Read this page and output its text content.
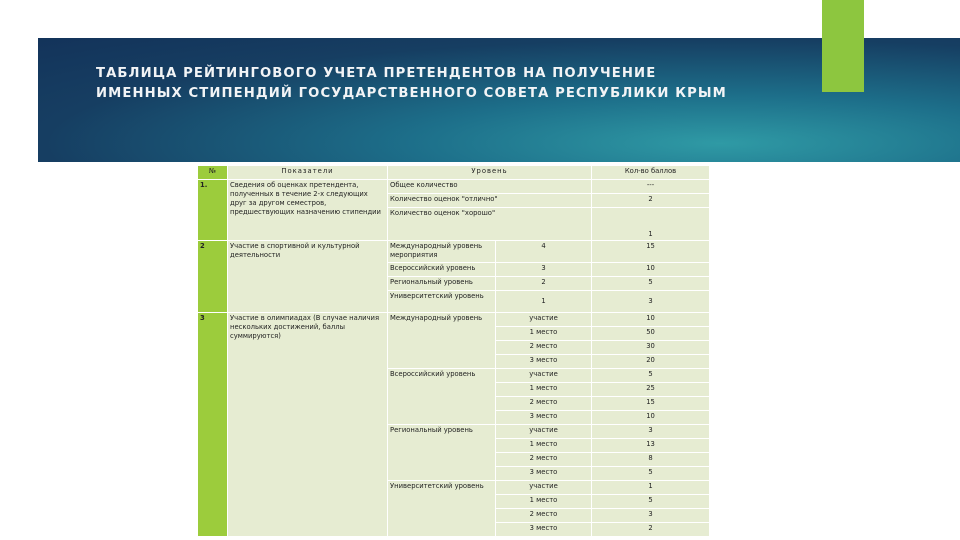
ТАБЛИЦА РЕЙТИНГОВОГО УЧЕТА ПРЕТЕНДЕНТОВ НА ПОЛУЧЕНИЕ ИМЕННЫХ СТИПЕНДИЙ ГОСУДАРСТВЕННОГО СОВЕТА РЕСПУБЛИКИ КРЫМ
№	Показатели	Уровень		Кол-во баллов
1.	Сведения об оценках претендента, полученных в течение 2-х следующих друг за другом семестров, предшествующих назначению стипендии	Общее количество		---
		Количество оценок "отлично"		2
		Количество оценок "хорошо"		1
2	Участие в спортивной и культурной деятельности	Международный уровень мероприятия	4	15
		Всероссийский уровень	3	10
		Региональный уровень	2	5
		Университетский уровень	1	3
3	Участие в олимпиадах (В случае наличия нескольких достижений, баллы суммируются)	Международный уровень	участие	10
			1 место	50
			2 место	30
			3 место	20
		Всероссийский уровень	участие	5
			1 место	25
			2 место	15
			3 место	10
		Региональный уровень	участие	3
			1 место	13
			2 место	8
			3 место	5
		Университетский уровень	участие	1
			1 место	5
			2 место	3
			3 место	2
